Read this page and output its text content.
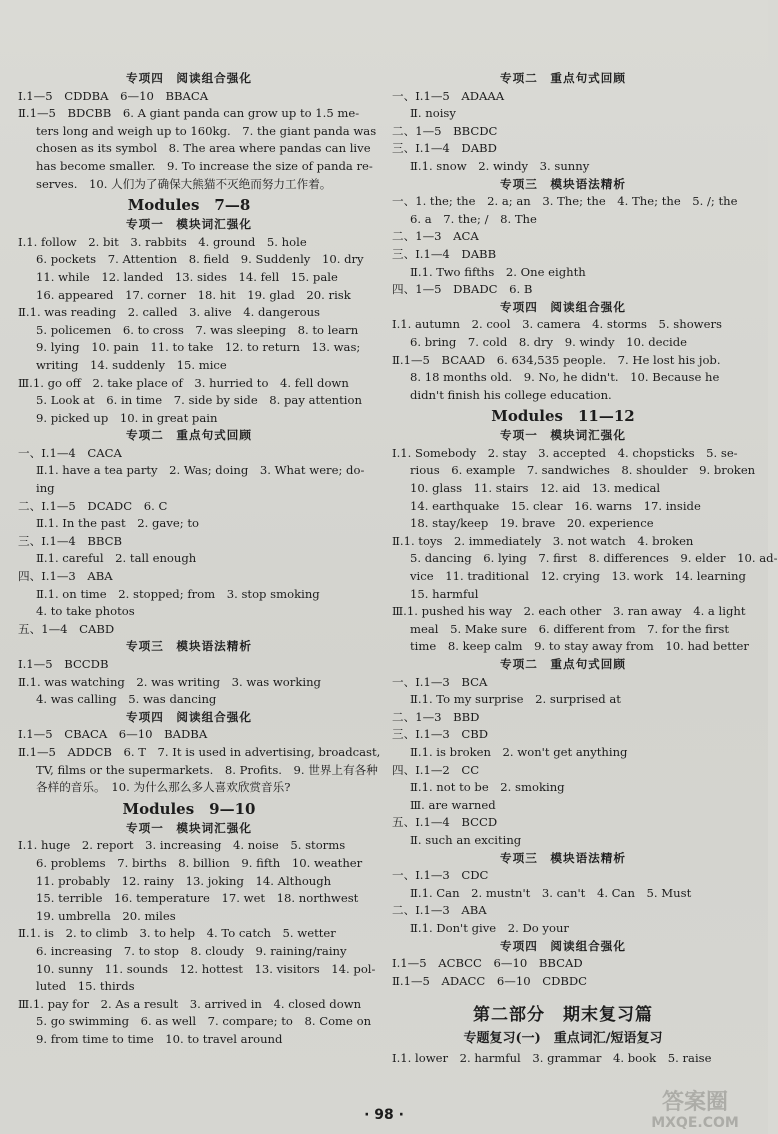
专项四　阅读组合强化
Ⅰ.1—5　CDDBA　6—10　BBACA
Ⅱ.1—5　BDCBB　6. A giant panda can grow up to 1.5 me-
ters long and weigh up to 160kg.　7. the giant panda was
chosen as its symbol　8. The area where pandas can live
has become smaller.　9. To increase the size of panda re-
serves.　10. 人们为了确保大熊猫不灭绝而努力工作着。
Modules　7—8
专项一　模块词汇强化
Ⅰ.1. follow　2. bit　3. rabbits　4. ground　5. hole
6. pockets　7. Attention　8. field　9. Suddenly　10. dry
11. while　12. landed　13. sides　14. fell　15. pale
16. appeared　17. corner　18. hit　19. glad　20. risk
Ⅱ.1. was reading　2. called　3. alive　4. dangerous
5. policemen　6. to cross　7. was sleeping　8. to learn
9. lying　10. pain　11. to take　12. to return　13. was;
writing　14. suddenly　15. mice
Ⅲ.1. go off　2. take place of　3. hurried to　4. fell down
5. Look at　6. in time　7. side by side　8. pay attention
9. picked up　10. in great pain
专项二　重点句式回顾
一、Ⅰ.1—4　CACA
Ⅱ.1. have a tea party　2. Was; doing　3. What were; do-
ing
二、Ⅰ.1—5　DCADC　6. C
Ⅱ.1. In the past　2. gave; to
三、Ⅰ.1—4　BBCB
Ⅱ.1. careful　2. tall enough
四、Ⅰ.1—3　ABA
Ⅱ.1. on time　2. stopped; from　3. stop smoking
4. to take photos
五、1—4　CABD
专项三　模块语法精析
Ⅰ.1—5　BCCDB
Ⅱ.1. was watching　2. was writing　3. was working
4. was calling　5. was dancing
专项四　阅读组合强化
Ⅰ.1—5　CBACA　6—10　BADBA
Ⅱ.1—5　ADDCB　6. T　7. It is used in advertising, broadcast,
TV, films or the supermarkets.　8. Profits.　9. 世界上有各种
各样的音乐。　10. 为什么那么多人喜欢欣赏音乐?
Modules　9—10
专项一　模块词汇强化
Ⅰ.1. huge　2. report　3. increasing　4. noise　5. storms
6. problems　7. births　8. billion　9. fifth　10. weather
11. probably　12. rainy　13. joking　14. Although
15. terrible　16. temperature　17. wet　18. northwest
19. umbrella　20. miles
Ⅱ.1. is　2. to climb　3. to help　4. To catch　5. wetter
6. increasing　7. to stop　8. cloudy　9. raining/rainy
10. sunny　11. sounds　12. hottest　13. visitors　14. pol-
luted　15. thirds
Ⅲ.1. pay for　2. As a result　3. arrived in　4. closed down
5. go swimming　6. as well　7. compare; to　8. Come on
9. from time to time　10. to travel around
专项二　重点句式回顾
一、Ⅰ.1—5　ADAAA
Ⅱ. noisy
二、1—5　BBCDC
三、Ⅰ.1—4　DABD
Ⅱ.1. snow　2. windy　3. sunny
专项三　模块语法精析
一、1. the; the　2. a; an　3. The; the　4. The; the　5. /; the
6. a　7. the; /　8. The
二、1—3　ACA
三、Ⅰ.1—4　DABB
Ⅱ.1. Two fifths　2. One eighth
四、1—5　DBADC　6. B
专项四　阅读组合强化
Ⅰ.1. autumn　2. cool　3. camera　4. storms　5. showers
6. bring　7. cold　8. dry　9. windy　10. decide
Ⅱ.1—5　BCAAD　6. 634,535 people.　7. He lost his job.
8. 18 months old.　9. No, he didn't.　10. Because he
didn't finish his college education.
Modules　11—12
专项一　模块词汇强化
Ⅰ.1. Somebody　2. stay　3. accepted　4. chopsticks　5. se-
rious　6. example　7. sandwiches　8. shoulder　9. broken
10. glass　11. stairs　12. aid　13. medical
14. earthquake　15. clear　16. warns　17. inside
18. stay/keep　19. brave　20. experience
Ⅱ.1. toys　2. immediately　3. not watch　4. broken
5. dancing　6. lying　7. first　8. differences　9. elder　10. ad-
vice　11. traditional　12. crying　13. work　14. learning
15. harmful
Ⅲ.1. pushed his way　2. each other　3. ran away　4. a light
meal　5. Make sure　6. different from　7. for the first
time　8. keep calm　9. to stay away from　10. had better
专项二　重点句式回顾
一、Ⅰ.1—3　BCA
Ⅱ.1. To my surprise　2. surprised at
二、1—3　BBD
三、Ⅰ.1—3　CBD
Ⅱ.1. is broken　2. won't get anything
四、Ⅰ.1—2　CC
Ⅱ.1. not to be　2. smoking
Ⅲ. are warned
五、Ⅰ.1—4　BCCD
Ⅱ. such an exciting
专项三　模块语法精析
一、Ⅰ.1—3　CDC
Ⅱ.1. Can　2. mustn't　3. can't　4. Can　5. Must
二、Ⅰ.1—3　ABA
Ⅱ.1. Don't give　2. Do your
专项四　阅读组合强化
Ⅰ.1—5　ACBCC　6—10　BBCAD
Ⅱ.1—5　ADACC　6—10　CDBDC
第二部分　期末复习篇
专题复习(一)　重点词汇/短语复习
Ⅰ.1. lower　2. harmful　3. grammar　4. book　5. raise
· 98 ·	答案圈
MXQE.COM
